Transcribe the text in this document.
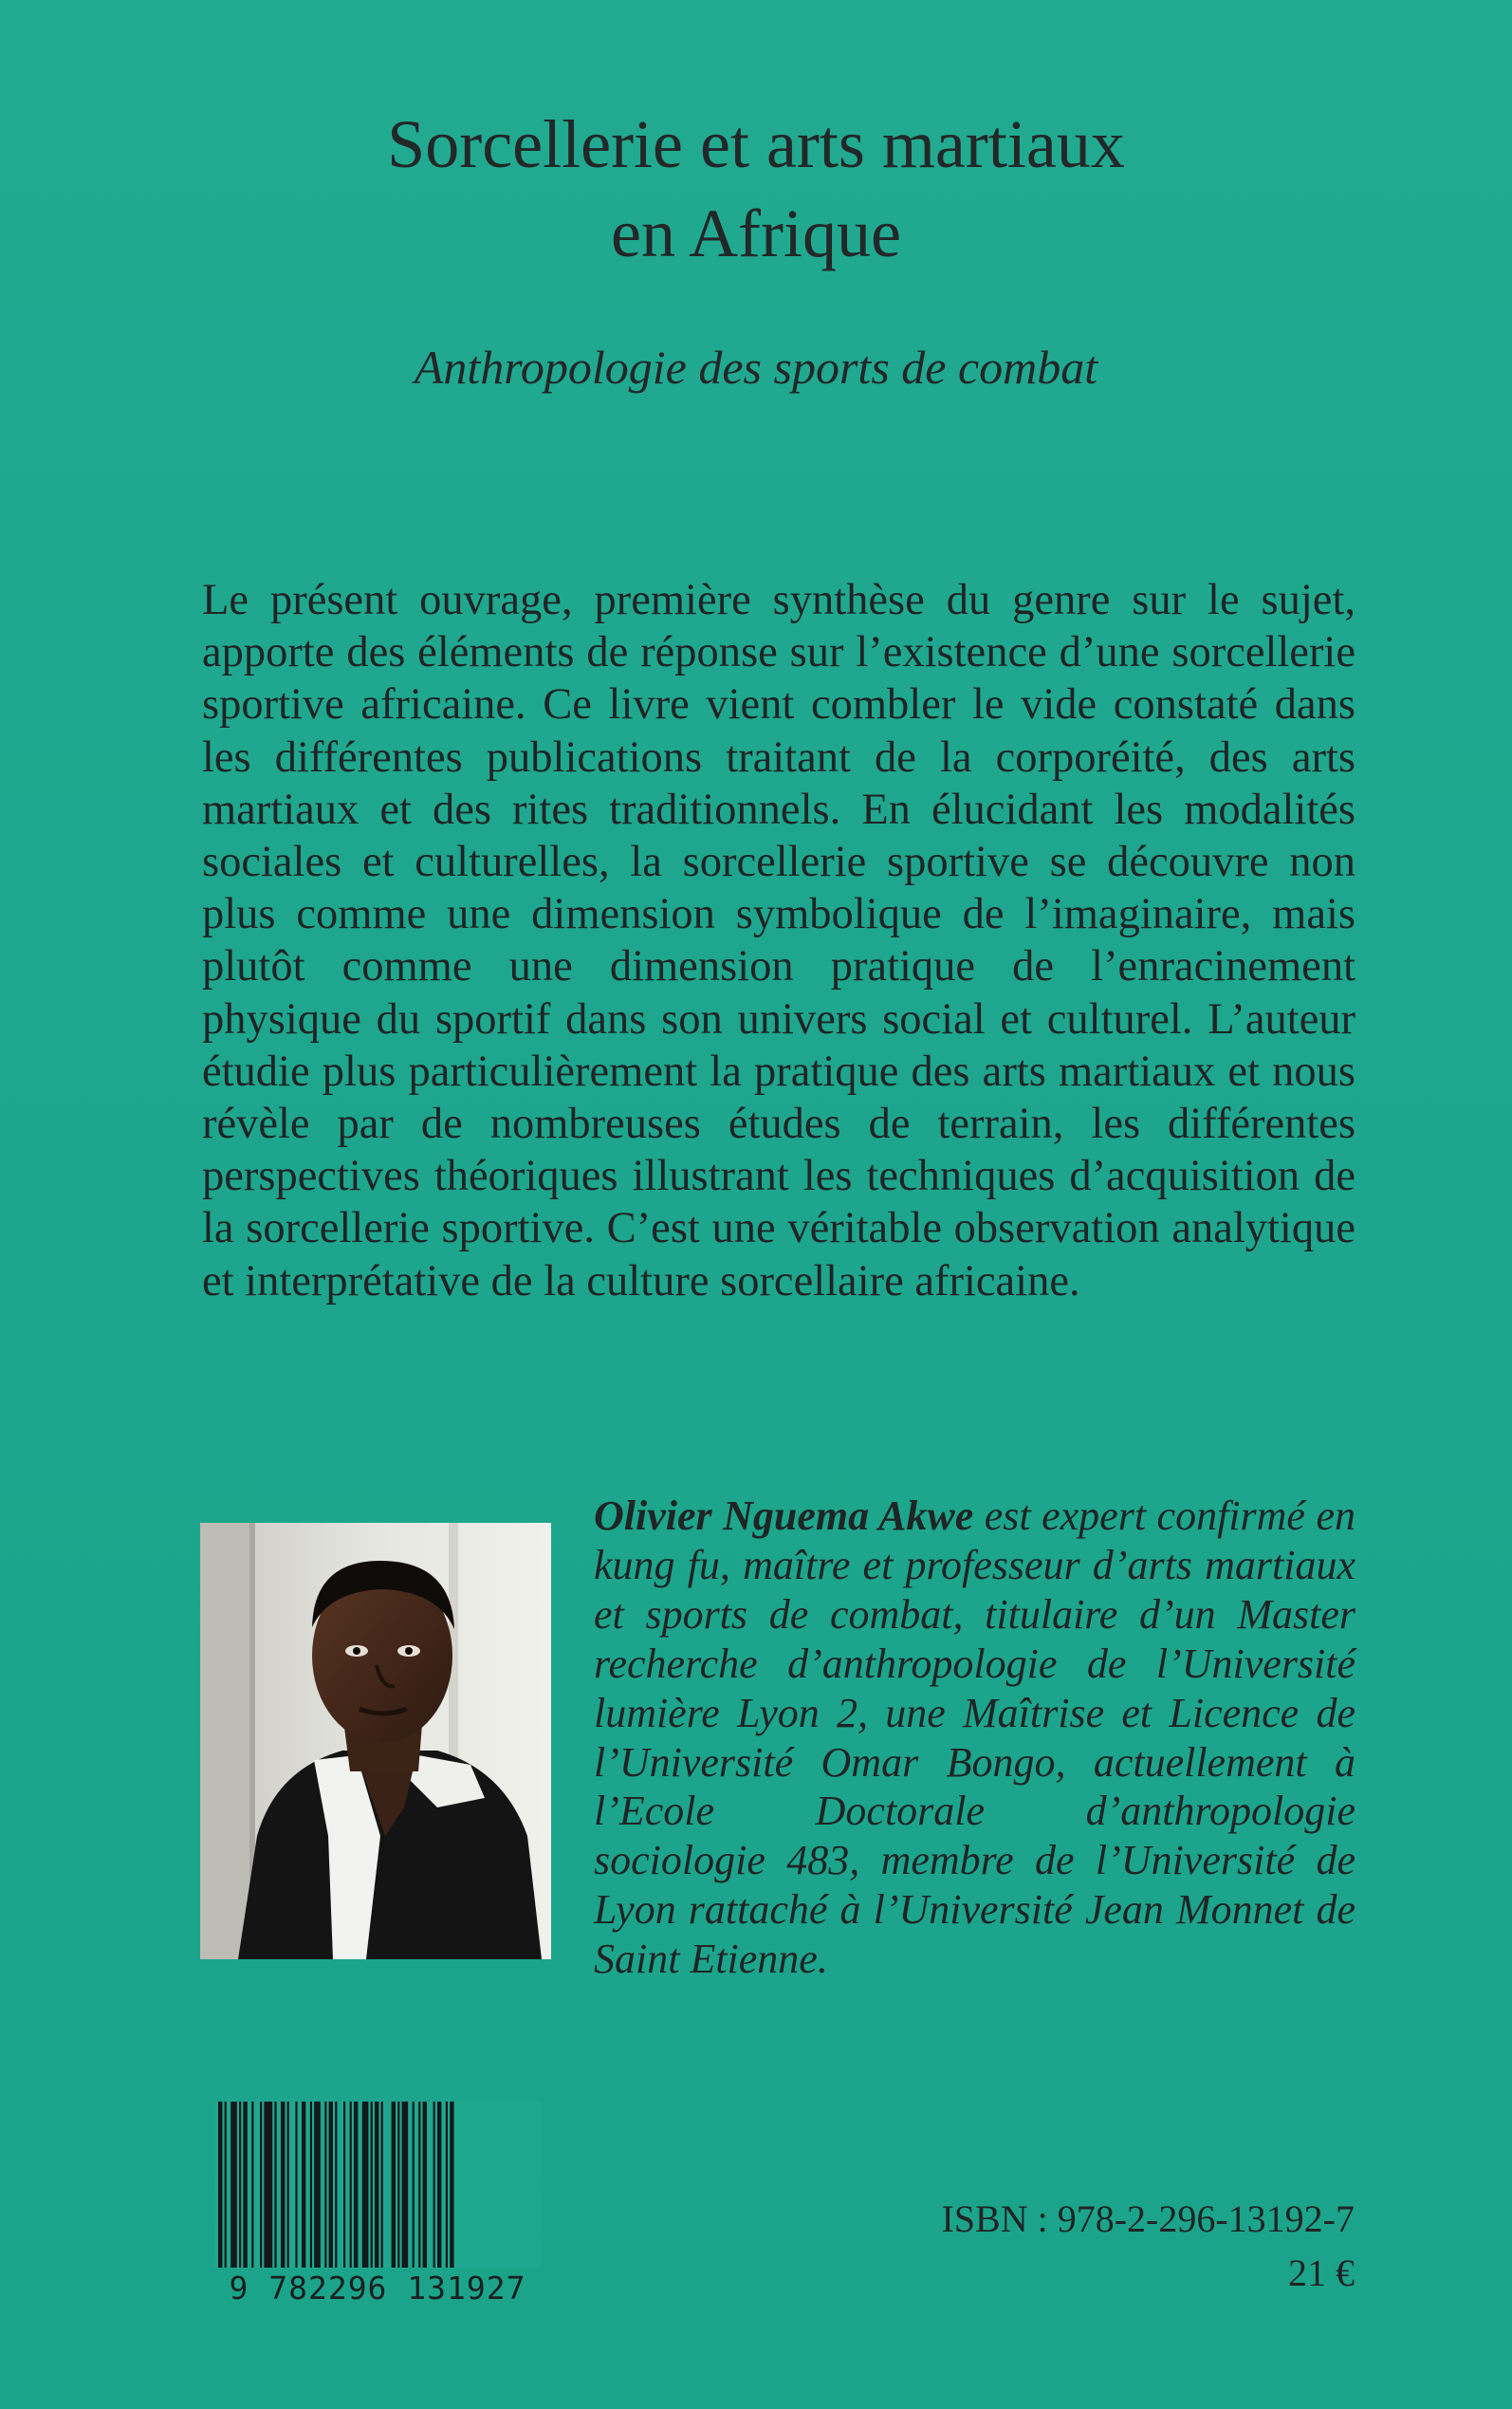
Sorcellerie et arts martiaux
en Afrique
Anthropologie des sports de combat

Le présent ouvrage, première synthèse du genre sur le sujet, apporte des éléments de réponse sur l’existence d’une sorcellerie sportive africaine. Ce livre vient combler le vide constaté dans les différentes publications traitant de la corporéité, des arts martiaux et des rites traditionnels. En élucidant les modalités sociales et culturelles, la sorcellerie sportive se découvre non plus comme une dimension symbolique de l’imaginaire, mais plutôt comme une dimension pratique de l’enracinement physique du sportif dans son univers social et culturel. L’auteur étudie plus particulièrement la pratique des arts martiaux et nous révèle par de nombreuses études de terrain, les différentes perspectives théoriques illustrant les techniques d’acquisition de la sorcellerie sportive. C’est une véritable observation analytique et interprétative de la culture sorcellaire africaine.

Olivier Nguema Akwe est expert confirmé en kung fu, maître et professeur d’arts martiaux et sports de combat, titulaire d’un Master recherche d’anthropologie de l’Université lumière Lyon 2, une Maîtrise et Licence de l’Université Omar Bongo, actuellement à l’Ecole Doctorale d’anthropologie sociologie 483, membre de l’Université de Lyon rattaché à l’Université Jean Monnet de Saint Etienne.

9 782296 131927
ISBN : 978-2-296-13192-7
21 €
